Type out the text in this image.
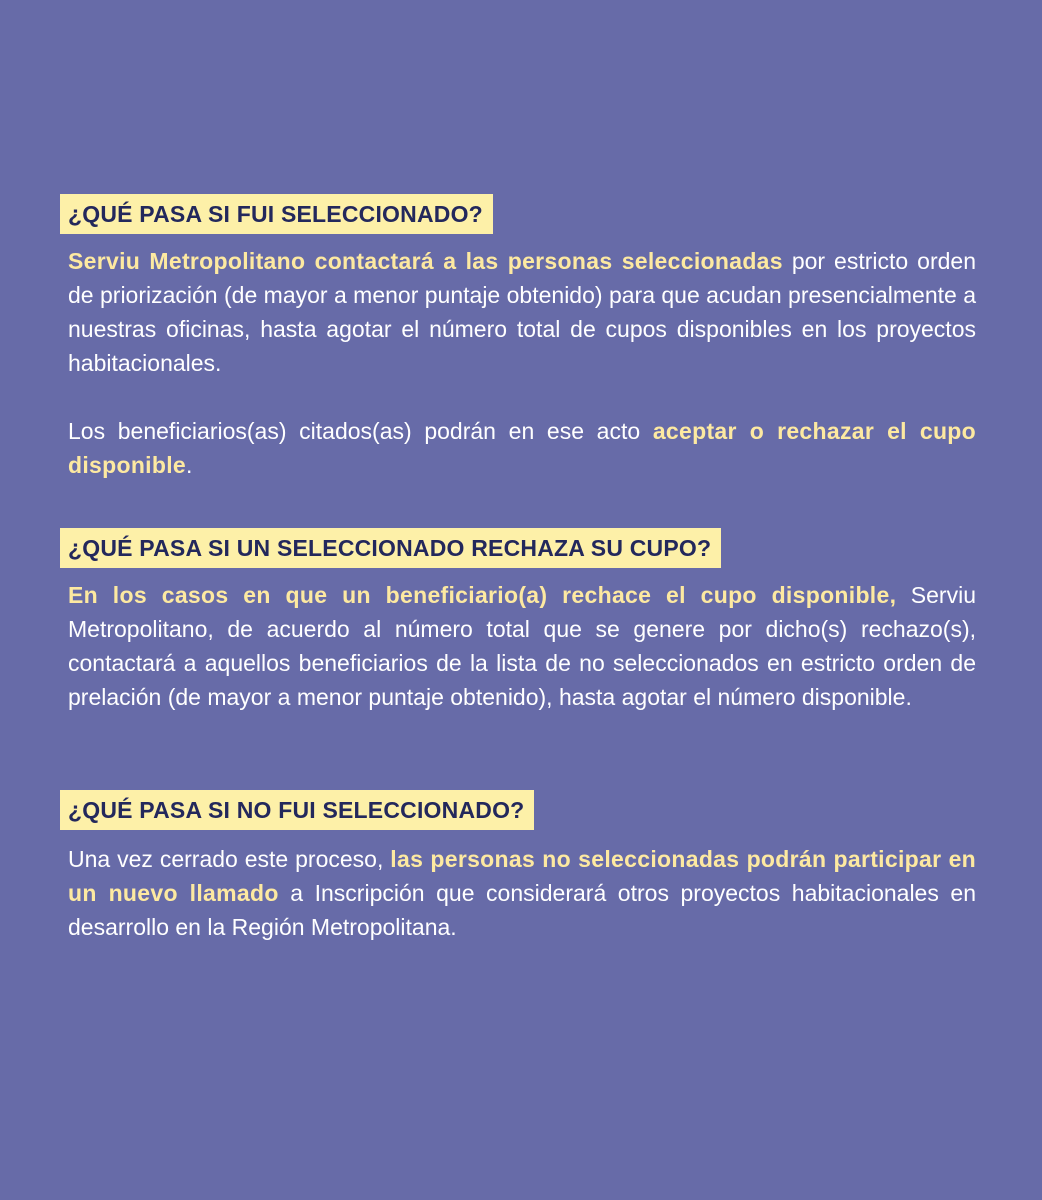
¿QUÉ PASA SI FUI SELECCIONADO?

Serviu Metropolitano contactará a las personas seleccionadas por estricto orden de priorización (de mayor a menor puntaje obtenido) para que acudan presencialmente a nuestras oficinas, hasta agotar el número total de cupos disponibles en los proyectos habitacionales.

Los beneficiarios(as) citados(as) podrán en ese acto aceptar o rechazar el cupo disponible.

¿QUÉ PASA SI UN SELECCIONADO RECHAZA SU CUPO?

En los casos en que un beneficiario(a) rechace el cupo disponible, Serviu Metropolitano, de acuerdo al número total que se genere por dicho(s) rechazo(s), contactará a aquellos beneficiarios de la lista de no seleccionados en estricto orden de prelación (de mayor a menor puntaje obtenido), hasta agotar el número disponible.

¿QUÉ PASA SI NO FUI SELECCIONADO?

Una vez cerrado este proceso, las personas no seleccionadas podrán participar en un nuevo llamado a Inscripción que considerará otros proyectos habitacionales en desarrollo en la Región Metropolitana.
